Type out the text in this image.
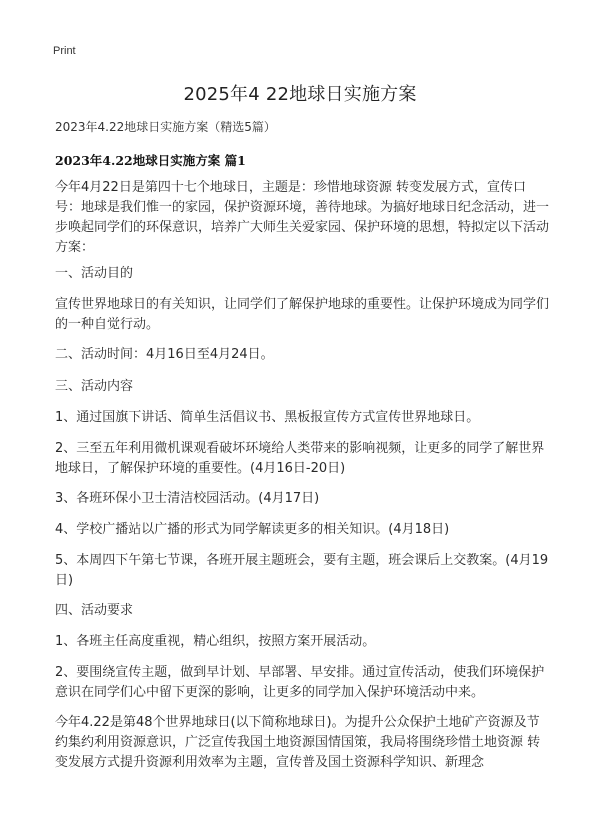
Print
2025年4 22地球日实施方案
2023年4.22地球日实施方案（精选5篇）
2023年4.22地球日实施方案 篇1

今年4月22日是第四十七个地球日，主题是：珍惜地球资源 转变发展方式，宣传口号：地球是我们惟一的家园，保护资源环境，善待地球。为搞好地球日纪念活动，进一步唤起同学们的环保意识，培养广大师生关爱家园、保护环境的思想，特拟定以下活动方案：

一、活动目的

宣传世界地球日的有关知识，让同学们了解保护地球的重要性。让保护环境成为同学们的一种自觉行动。

二、活动时间：4月16日至4月24日。

三、活动内容

1、通过国旗下讲话、简单生活倡议书、黑板报宣传方式宣传世界地球日。

2、三至五年利用微机课观看破坏环境给人类带来的影响视频，让更多的同学了解世界地球日，了解保护环境的重要性。(4月16日-20日)

3、各班环保小卫士清洁校园活动。(4月17日)

4、学校广播站以广播的形式为同学解读更多的相关知识。(4月18日)

5、本周四下午第七节课，各班开展主题班会，要有主题，班会课后上交教案。(4月19日)

四、活动要求

1、各班主任高度重视，精心组织，按照方案开展活动。

2、要围绕宣传主题，做到早计划、早部署、早安排。通过宣传活动，使我们环境保护意识在同学们心中留下更深的影响，让更多的同学加入保护环境活动中来。

今年4.22是第48个世界地球日(以下简称地球日)。为提升公众保护土地矿产资源及节约集约利用资源意识，广泛宣传我国土地资源国情国策，我局将围绕珍惜土地资源 转变发展方式提升资源利用效率为主题，宣传普及国土资源科学知识、新理念
